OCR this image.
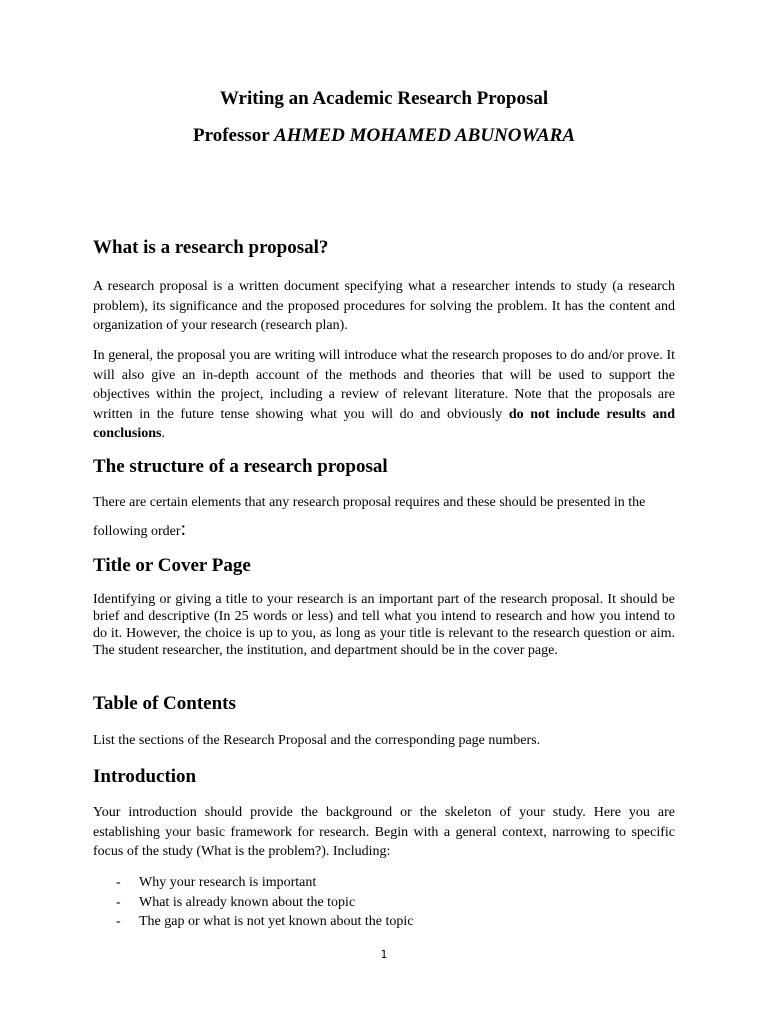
Writing an Academic Research Proposal

Professor AHMED MOHAMED ABUNOWARA

What is a research proposal?

A research proposal is a written document specifying what a researcher intends to study (a research problem), its significance and the proposed procedures for solving the problem. It has the content and organization of your research (research plan).

In general, the proposal you are writing will introduce what the research proposes to do and/or prove. It will also give an in-depth account of the methods and theories that will be used to support the objectives within the project, including a review of relevant literature. Note that the proposals are written in the future tense showing what you will do and obviously do not include results and conclusions.

The structure of a research proposal

There are certain elements that any research proposal requires and these should be presented in the following order:

Title or Cover Page

Identifying or giving a title to your research is an important part of the research proposal. It should be brief and descriptive (In 25 words or less) and tell what you intend to research and how you intend to do it. However, the choice is up to you, as long as your title is relevant to the research question or aim. The student researcher, the institution, and department should be in the cover page.

Table of Contents

List the sections of the Research Proposal and the corresponding page numbers.

Introduction

Your introduction should provide the background or the skeleton of your study. Here you are establishing your basic framework for research. Begin with a general context, narrowing to specific focus of the study (What is the problem?). Including:

- Why your research is important
- What is already known about the topic
- The gap or what is not yet known about the topic
1
